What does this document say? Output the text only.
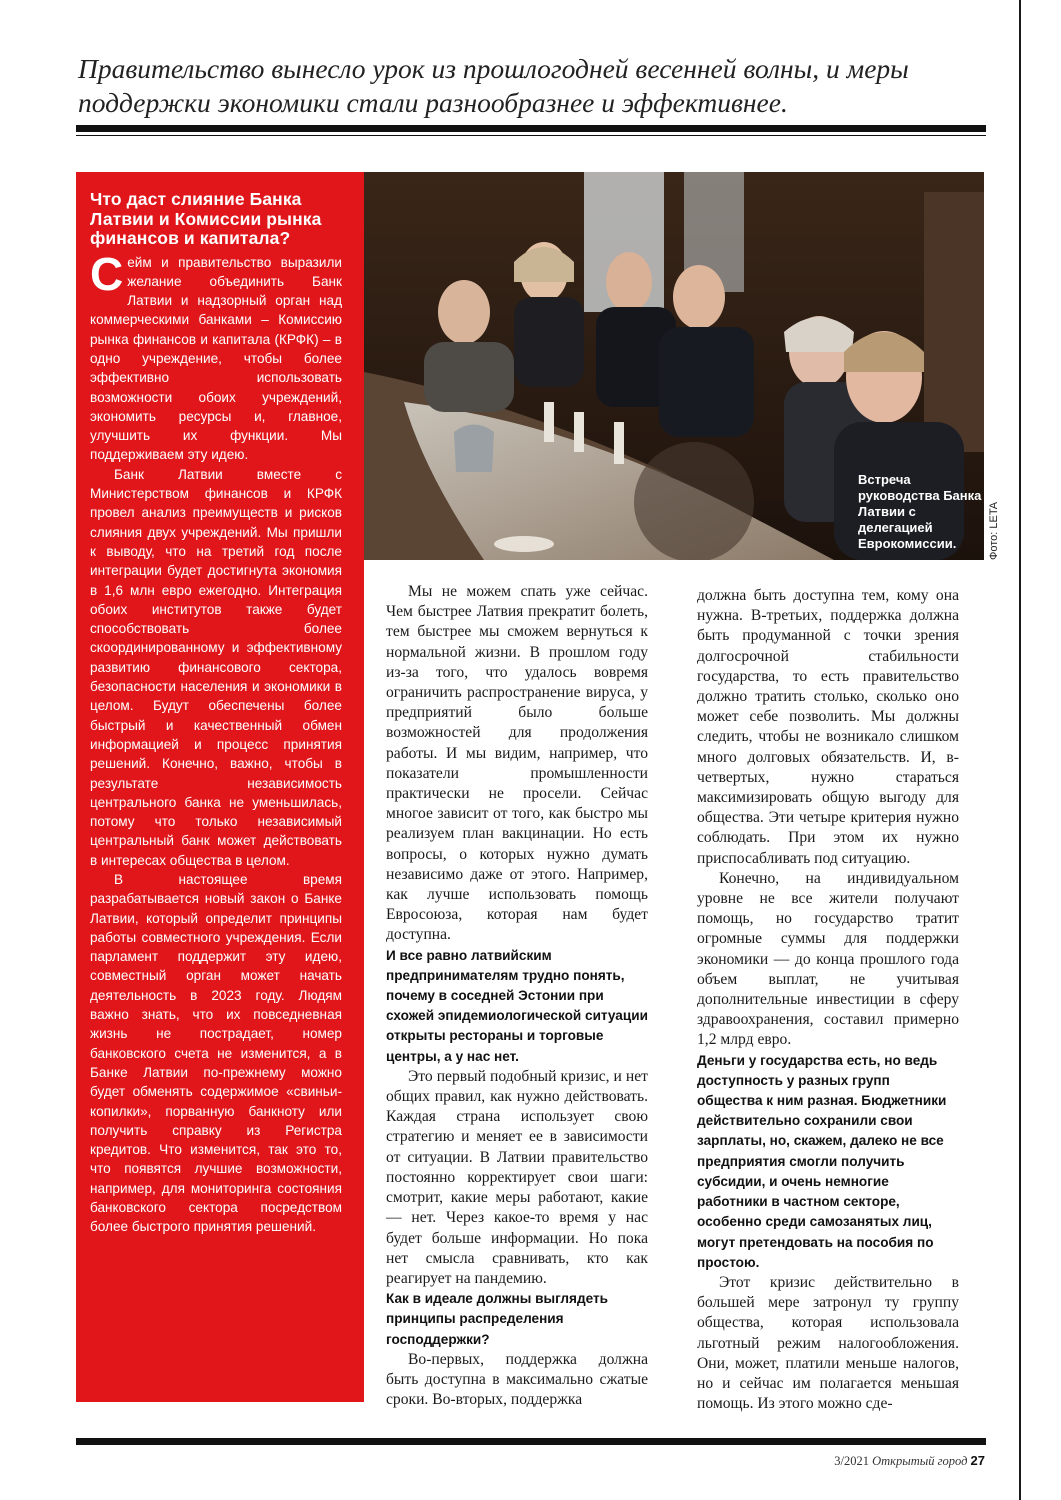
Правительство вынесло урок из прошлогодней весенней волны, и меры поддержки экономики стали разнообразнее и эффективнее.
Что даст слияние Банка Латвии и Комиссии рынка финансов и капитала?

Сейм и правительство выразили желание объединить Банк Латвии и надзорный орган над коммерческими банками – Комиссию рынка финансов и капитала (КРФК) – в одно учреждение, чтобы более эффективно использовать возможности обоих учреждений, экономить ресурсы и, главное, улучшить их функции. Мы поддерживаем эту идею.

Банк Латвии вместе с Министерством финансов и КРФК провел анализ преимуществ и рисков слияния двух учреждений. Мы пришли к выводу, что на третий год после интеграции будет достигнута экономия в 1,6 млн евро ежегодно. Интеграция обоих институтов также будет способствовать более скоординированному и эффективному развитию финансового сектора, безопасности населения и экономики в целом. Будут обеспечены более быстрый и качественный обмен информацией и процесс принятия решений. Конечно, важно, чтобы в результате независимость центрального банка не уменьшилась, потому что только независимый центральный банк может действовать в интересах общества в целом.

В настоящее время разрабатывается новый закон о Банке Латвии, который определит принципы работы совместного учреждения. Если парламент поддержит эту идею, совместный орган может начать деятельность в 2023 году. Людям важно знать, что их повседневная жизнь не пострадает, номер банковского счета не изменится, а в Банке Латвии по-прежнему можно будет обменять содержимое «свиньи-копилки», порванную банкноту или получить справку из Регистра кредитов. Что изменится, так это то, что появятся лучшие возможности, например, для мониторинга состояния банковского сектора посредством более быстрого принятия решений.

Встреча руководства Банка Латвии с делегацией Еврокомиссии.	Фото: LETA

Мы не можем спать уже сейчас. Чем быстрее Латвия прекратит болеть, тем быстрее мы сможем вернуться к нормальной жизни. В прошлом году из-за того, что удалось вовремя ограничить распространение вируса, у предприятий было больше возможностей для продолжения работы. И мы видим, например, что показатели промышленности практически не просели. Сейчас многое зависит от того, как быстро мы реализуем план вакцинации. Но есть вопросы, о которых нужно думать независимо даже от этого. Например, как лучше использовать помощь Евросоюза, которая нам будет доступна.

И все равно латвийским предпринимателям трудно понять, почему в соседней Эстонии при схожей эпидемиологической ситуации открыты рестораны и торговые центры, а у нас нет.

Это первый подобный кризис, и нет общих правил, как нужно действовать. Каждая страна использует свою стратегию и меняет ее в зависимости от ситуации. В Латвии правительство постоянно корректирует свои шаги: смотрит, какие меры работают, какие — нет. Через какое-то время у нас будет больше информации. Но пока нет смысла сравнивать, кто как реагирует на пандемию.

Как в идеале должны выглядеть принципы распределения господдержки?

Во-первых, поддержка должна быть доступна в максимально сжатые сроки. Во-вторых, поддержка

должна быть доступна тем, кому она нужна. В-третьих, поддержка должна быть продуманной с точки зрения долгосрочной стабильности государства, то есть правительство должно тратить столько, сколько оно может себе позволить. Мы должны следить, чтобы не возникало слишком много долговых обязательств. И, в-четвертых, нужно стараться максимизировать общую выгоду для общества. Эти четыре критерия нужно соблюдать. При этом их нужно приспосабливать под ситуацию.

Конечно, на индивидуальном уровне не все жители получают помощь, но государство тратит огромные суммы для поддержки экономики — до конца прошлого года объем выплат, не учитывая дополнительные инвестиции в сферу здравоохранения, составил примерно 1,2 млрд евро.

Деньги у государства есть, но ведь доступность у разных групп общества к ним разная. Бюджетники действительно сохранили свои зарплаты, но, скажем, далеко не все предприятия смогли получить субсидии, и очень немногие работники в частном секторе, особенно среди самозанятых лиц, могут претендовать на пособия по простою.

Этот кризис действительно в большей мере затронул ту группу общества, которая использовала льготный режим налогообложения. Они, может, платили меньше налогов, но и сейчас им полагается меньшая помощь. Из этого можно сде-

3/2021 Открытый город 27
